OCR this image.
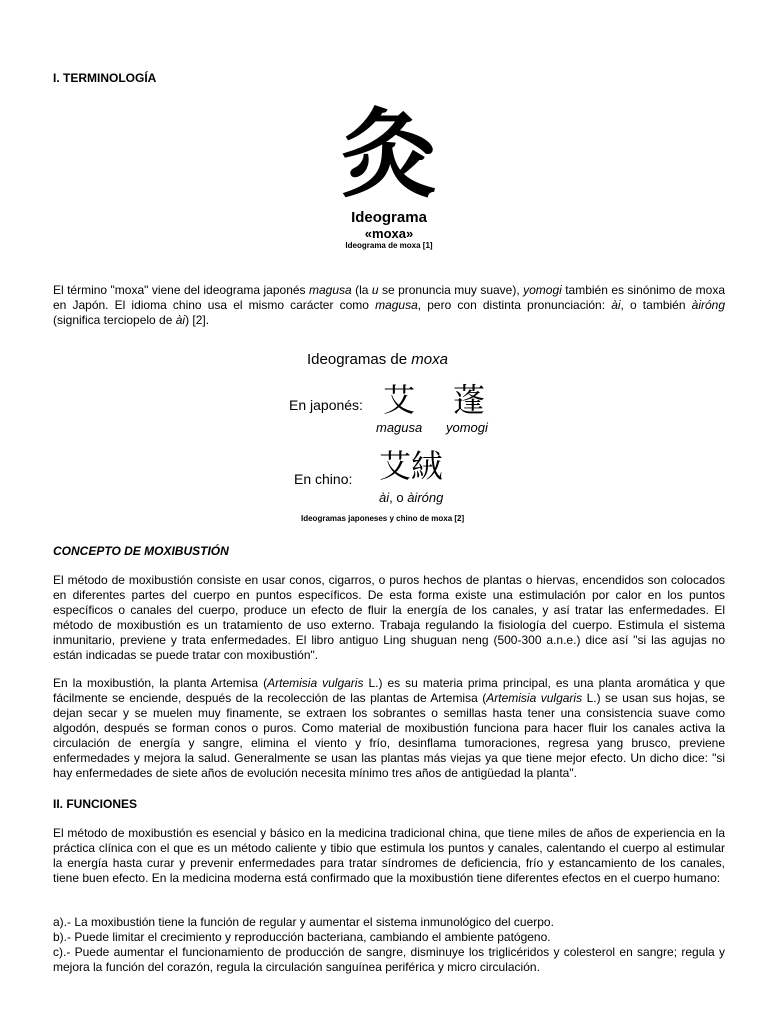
I. TERMINOLOGÍA
灸
Ideograma
«moxa»
Ideograma de moxa [1]

El término "moxa" viene del ideograma japonés magusa (la u se pronuncia muy suave), yomogi también es sinónimo de moxa en Japón. El idioma chino usa el mismo carácter como magusa, pero con distinta pronunciación: ài, o también àiróng (significa terciopelo de ài) [2].

Ideogramas de moxa
En japonés: 艾 蓬
magusa yomogi
En chino: 艾絨
ài, o àiróng
Ideogramas japoneses y chino de moxa [2]
CONCEPTO DE MOXIBUSTIÓN

El método de moxibustión consiste en usar conos, cigarros, o puros hechos de plantas o hiervas, encendidos son colocados en diferentes partes del cuerpo en puntos específicos. De esta forma existe una estimulación por calor en los puntos específicos o canales del cuerpo, produce un efecto de fluir la energía de los canales, y así tratar las enfermedades. El método de moxibustión es un tratamiento de uso externo. Trabaja regulando la fisiología del cuerpo. Estimula el sistema inmunitario, previene y trata enfermedades. El libro antiguo Ling shuguan neng (500-300 a.n.e.) dice así "si las agujas no están indicadas se puede tratar con moxibustión".

En la moxibustión, la planta Artemisa (Artemisia vulgaris L.) es su materia prima principal, es una planta aromática y que fácilmente se enciende, después de la recolección de las plantas de Artemisa (Artemisia vulgaris L.) se usan sus hojas, se dejan secar y se muelen muy finamente, se extraen los sobrantes o semillas hasta tener una consistencia suave como algodón, después se forman conos o puros. Como material de moxibustión funciona para hacer fluir los canales activa la circulación de energía y sangre, elimina el viento y frío, desinflama tumoraciones, regresa yang brusco, previene enfermedades y mejora la salud. Generalmente se usan las plantas más viejas ya que tiene mejor efecto. Un dicho dice: "si hay enfermedades de siete años de evolución necesita mínimo tres años de antigüedad la planta".

II. FUNCIONES

El método de moxibustión es esencial y básico en la medicina tradicional china, que tiene miles de años de experiencia en la práctica clínica con el que es un método caliente y tibio que estimula los puntos y canales, calentando el cuerpo al estimular la energía hasta curar y prevenir enfermedades para tratar síndromes de deficiencia, frío y estancamiento de los canales, tiene buen efecto. En la medicina moderna está confirmado que la moxibustión tiene diferentes efectos en el cuerpo humano:

a).- La moxibustión tiene la función de regular y aumentar el sistema inmunológico del cuerpo.
b).- Puede limitar el crecimiento y reproducción bacteriana, cambiando el ambiente patógeno.
c).- Puede aumentar el funcionamiento de producción de sangre, disminuye los triglicéridos y colesterol en sangre; regula y mejora la función del corazón, regula la circulación sanguínea periférica y micro circulación.
